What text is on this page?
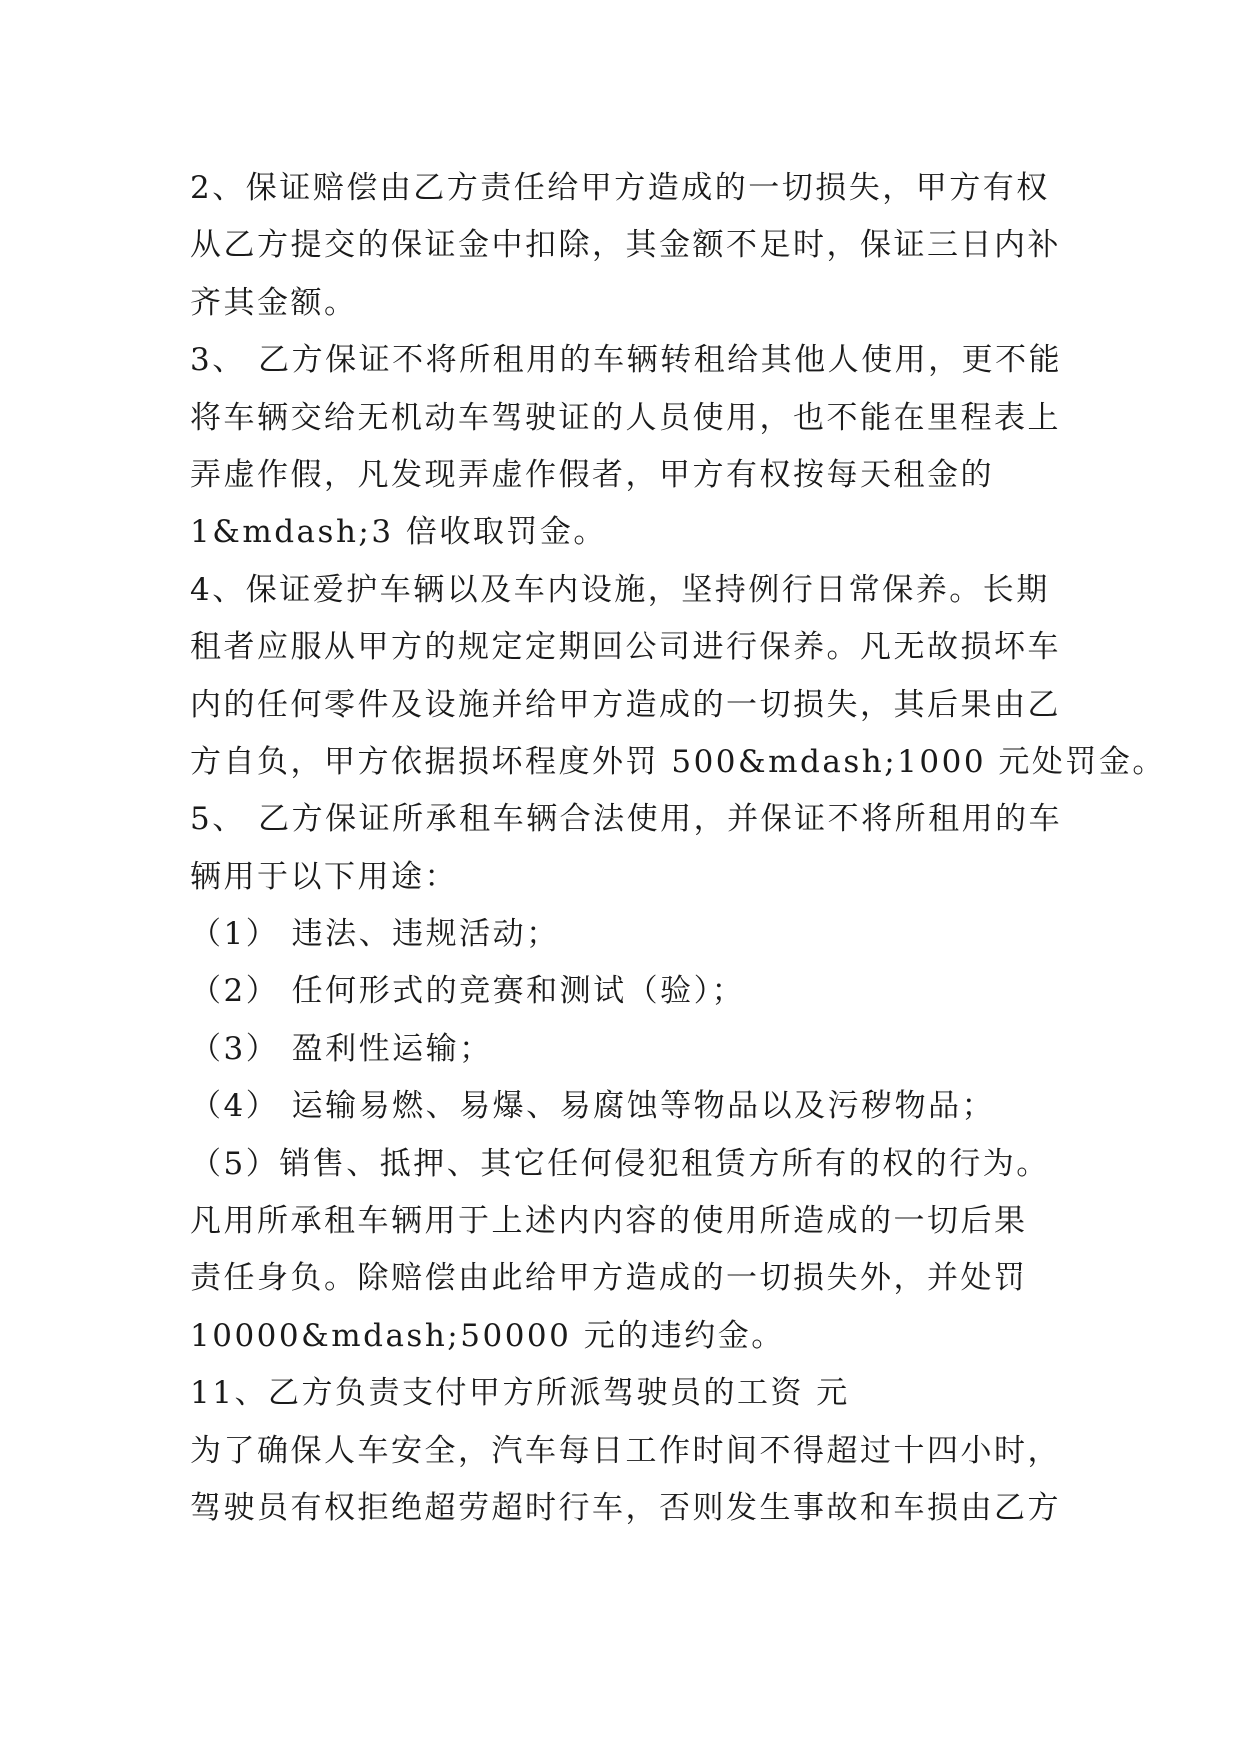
2、保证赔偿由乙方责任给甲方造成的一切损失，甲方有权
从乙方提交的保证金中扣除，其金额不足时，保证三日内补
齐其金额。
3、 乙方保证不将所租用的车辆转租给其他人使用，更不能
将车辆交给无机动车驾驶证的人员使用，也不能在里程表上
弄虚作假，凡发现弄虚作假者，甲方有权按每天租金的
1&mdash;3 倍收取罚金。
4、保证爱护车辆以及车内设施，坚持例行日常保养。长期
租者应服从甲方的规定定期回公司进行保养。凡无故损坏车
内的任何零件及设施并给甲方造成的一切损失，其后果由乙
方自负，甲方依据损坏程度外罚 500&mdash;1000 元处罚金。
5、 乙方保证所承租车辆合法使用，并保证不将所租用的车
辆用于以下用途：
（1） 违法、违规活动；
（2） 任何形式的竞赛和测试（验）；
（3） 盈利性运输；
（4） 运输易燃、易爆、易腐蚀等物品以及污秽物品；
（5）销售、抵押、其它任何侵犯租赁方所有的权的行为。
凡用所承租车辆用于上述内内容的使用所造成的一切后果
责任身负。除赔偿由此给甲方造成的一切损失外，并处罚
10000&mdash;50000 元的违约金。
11、乙方负责支付甲方所派驾驶员的工资 元
为了确保人车安全，汽车每日工作时间不得超过十四小时，
驾驶员有权拒绝超劳超时行车，否则发生事故和车损由乙方
